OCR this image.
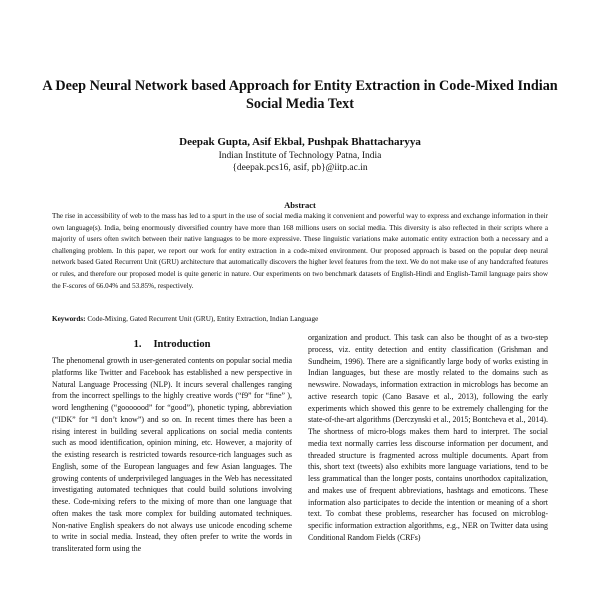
A Deep Neural Network based Approach for Entity Extraction in Code-Mixed Indian Social Media Text
Deepak Gupta, Asif Ekbal, Pushpak Bhattacharyya
Indian Institute of Technology Patna, India
{deepak.pcs16, asif, pb}@iitp.ac.in
Abstract
The rise in accessibility of web to the mass has led to a spurt in the use of social media making it convenient and powerful way to express and exchange information in their own language(s). India, being enormously diversified country have more than 168 millions users on social media. This diversity is also reflected in their scripts where a majority of users often switch between their native languages to be more expressive. These linguistic variations make automatic entity extraction both a necessary and a challenging problem. In this paper, we report our work for entity extraction in a code-mixed environment. Our proposed approach is based on the popular deep neural network based Gated Recurrent Unit (GRU) architecture that automatically discovers the higher level features from the text. We do not make use of any handcrafted features or rules, and therefore our proposed model is quite generic in nature. Our experiments on two benchmark datasets of English-Hindi and English-Tamil language pairs show the F-scores of 66.04% and 53.85%, respectively.
Keywords: Code-Mixing, Gated Recurrent Unit (GRU), Entity Extraction, Indian Language
1. Introduction

The phenomenal growth in user-generated contents on popular social media platforms like Twitter and Facebook has established a new perspective in Natural Language Processing (NLP). It incurs several challenges ranging from the incorrect spellings to the highly creative words (“f9” for “fine” ), word lengthening (“gooooood” for “good”), phonetic typing, abbreviation (“IDK” for “I don’t know”) and so on. In recent times there has been a rising interest in building several applications on social media contents such as mood identification, opinion mining, etc. However, a majority of the existing research is restricted towards resource-rich languages such as English, some of the European languages and few Asian languages. The growing contents of underprivileged languages in the Web has necessitated investigating automated techniques that could build solutions involving these. Code-mixing refers to the mixing of more than one language that often makes the task more complex for building automated techniques. Non-native English speakers do not always use unicode encoding scheme to write in social media. Instead, they often prefer to write the words in transliterated form using the

organization and product. This task can also be thought of as a two-step process, viz. entity detection and entity classification (Grishman and Sundheim, 1996). There are a significantly large body of works existing in Indian languages, but these are mostly related to the domains such as newswire. Nowadays, information extraction in microblogs has become an active research topic (Cano Basave et al., 2013), following the early experiments which showed this genre to be extremely challenging for the state-of-the-art algorithms (Derczynski et al., 2015; Bontcheva et al., 2014). The shortness of micro-blogs makes them hard to interpret. The social media text normally carries less discourse information per document, and threaded structure is fragmented across multiple documents. Apart from this, short text (tweets) also exhibits more language variations, tend to be less grammatical than the longer posts, contains unorthodox capitalization, and makes use of frequent abbreviations, hashtags and emoticons. These information also participates to decide the intention or meaning of a short text. To combat these problems, researcher has focused on microblog-specific information extraction algorithms, e.g., NER on Twitter data using Conditional Random Fields (CRFs)
